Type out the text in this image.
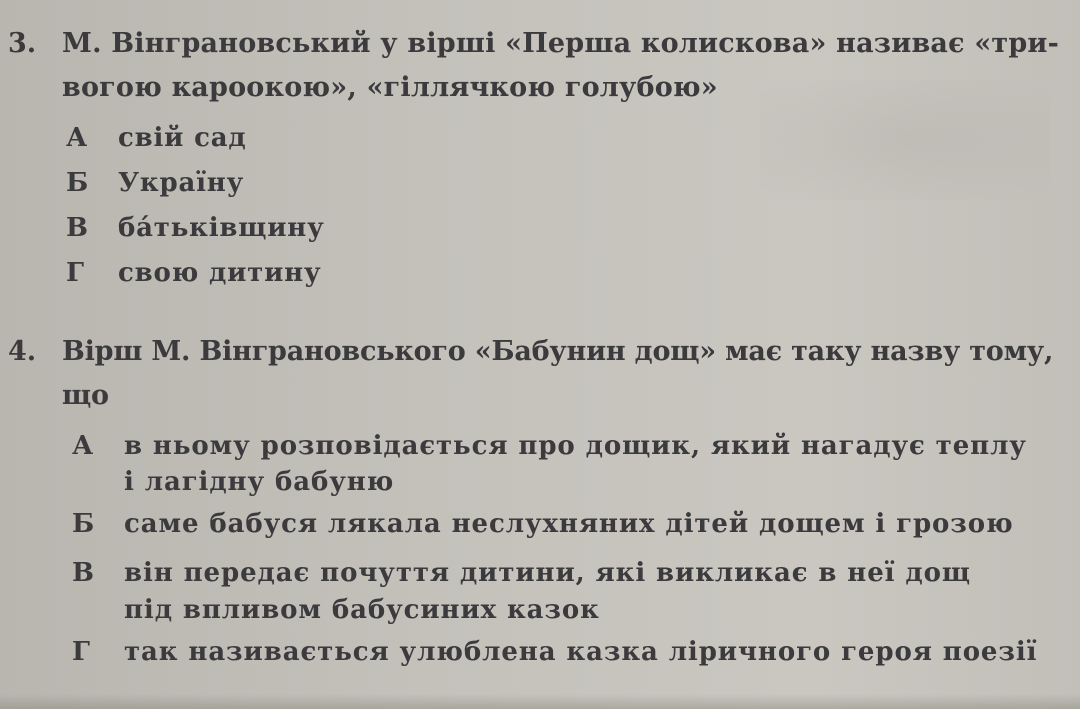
3. М. Вінграновський у вірші «Перша колискова» називає «три-
вогою кароокою», «гіллячкою голубою»
А свій сад
Б Україну
В ба́тьківщину
Г свою дитину
4. Вірш М. Вінграновського «Бабунин дощ» має таку назву тому,
що
А в ньому розповідається про дощик, який нагадує теплу
і лагідну бабуню
Б саме бабуся лякала неслухняних дітей дощем і грозою
В він передає почуття дитини, які викликає в неї дощ
під впливом бабусиних казок
Г так називається улюблена казка ліричного героя поезії
